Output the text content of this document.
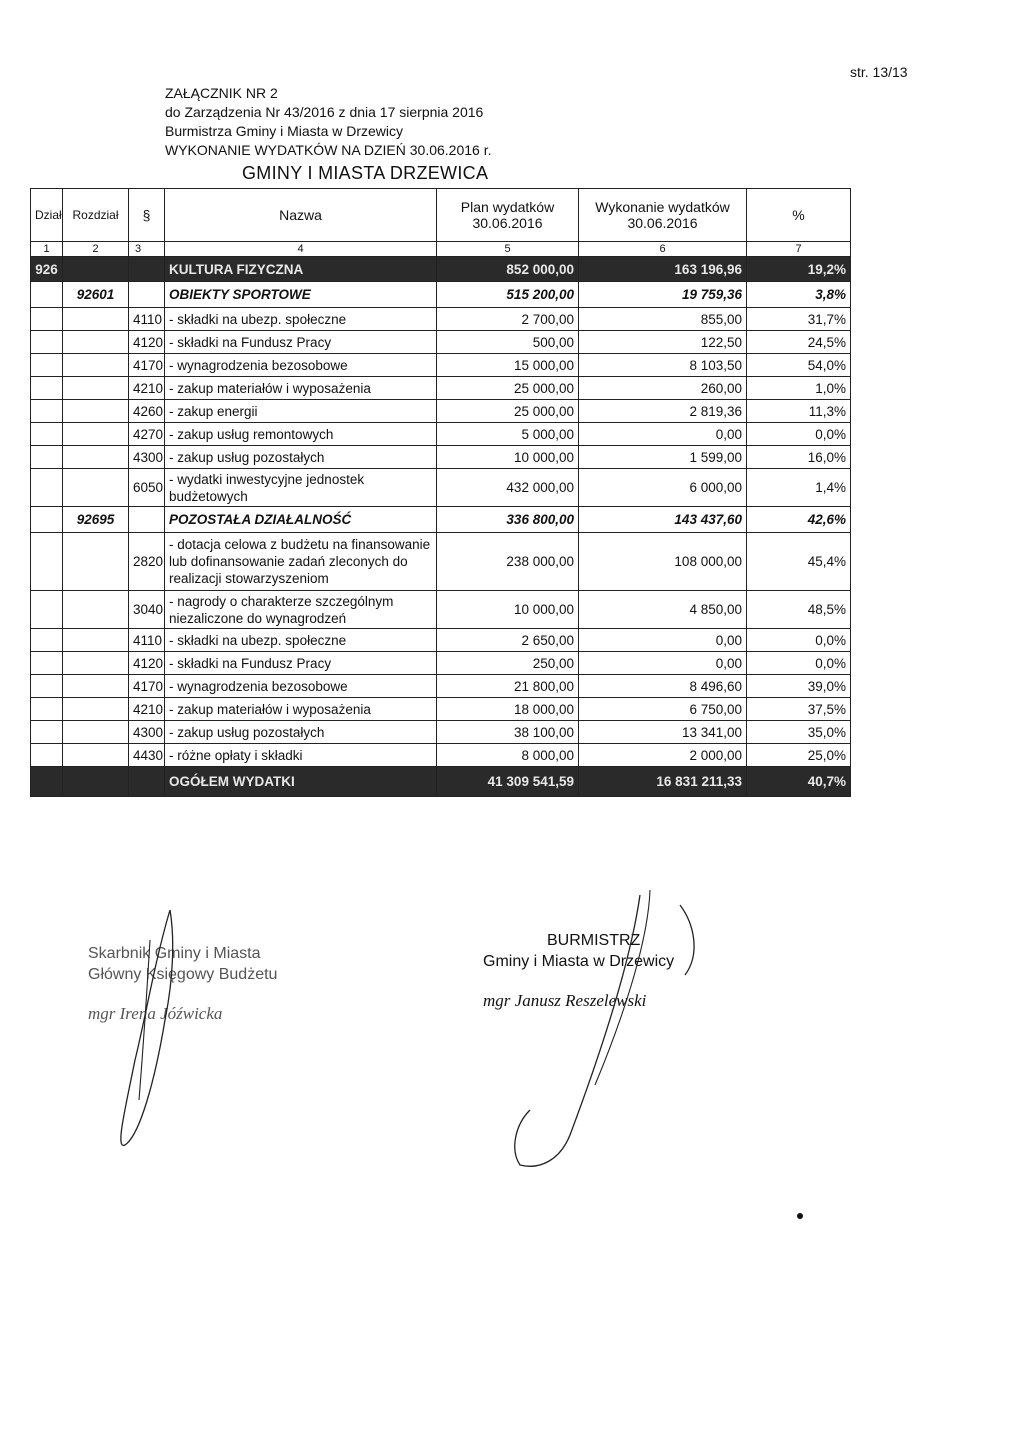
str. 13/13
ZAŁĄCZNIK NR 2
do Zarządzenia Nr 43/2016 z dnia 17 sierpnia 2016
Burmistrza Gminy i Miasta w Drzewicy
WYKONANIE WYDATKÓW NA DZIEŃ 30.06.2016 r.
GMINY I MIASTA DRZEWICA
Dział	Rozdział	§	Nazwa	Plan wydatków 30.06.2016	Wykonanie wydatków 30.06.2016	%
1	2	3	4	5	6	7
926			KULTURA FIZYCZNA	852 000,00	163 196,96	19,2%
	92601		OBIEKTY SPORTOWE	515 200,00	19 759,36	3,8%
		4110	- składki na ubezp. społeczne	2 700,00	855,00	31,7%
		4120	- składki na Fundusz Pracy	500,00	122,50	24,5%
		4170	- wynagrodzenia bezosobowe	15 000,00	8 103,50	54,0%
		4210	- zakup materiałów i wyposażenia	25 000,00	260,00	1,0%
		4260	- zakup energii	25 000,00	2 819,36	11,3%
		4270	- zakup usług remontowych	5 000,00	0,00	0,0%
		4300	- zakup usług pozostałych	10 000,00	1 599,00	16,0%
		6050	- wydatki inwestycyjne jednostek budżetowych	432 000,00	6 000,00	1,4%
	92695		POZOSTAŁA DZIAŁALNOŚĆ	336 800,00	143 437,60	42,6%
		2820	- dotacja celowa z budżetu na finansowanie lub dofinansowanie zadań zleconych do realizacji stowarzyszeniom	238 000,00	108 000,00	45,4%
		3040	- nagrody o charakterze szczególnym niezaliczone do wynagrodzeń	10 000,00	4 850,00	48,5%
		4110	- składki na ubezp. społeczne	2 650,00	0,00	0,0%
		4120	- składki na Fundusz Pracy	250,00	0,00	0,0%
		4170	- wynagrodzenia bezosobowe	21 800,00	8 496,60	39,0%
		4210	- zakup materiałów i wyposażenia	18 000,00	6 750,00	37,5%
		4300	- zakup usług pozostałych	38 100,00	13 341,00	35,0%
		4430	- różne opłaty i składki	8 000,00	2 000,00	25,0%
			OGÓŁEM WYDATKI	41 309 541,59	16 831 211,33	40,7%
Skarbnik Gminy i Miasta
Główny Księgowy Budżetu
mgr Irena Jóźwicka
BURMISTRZ
Gminy i Miasta w Drzewicy
mgr Janusz Reszelewski
